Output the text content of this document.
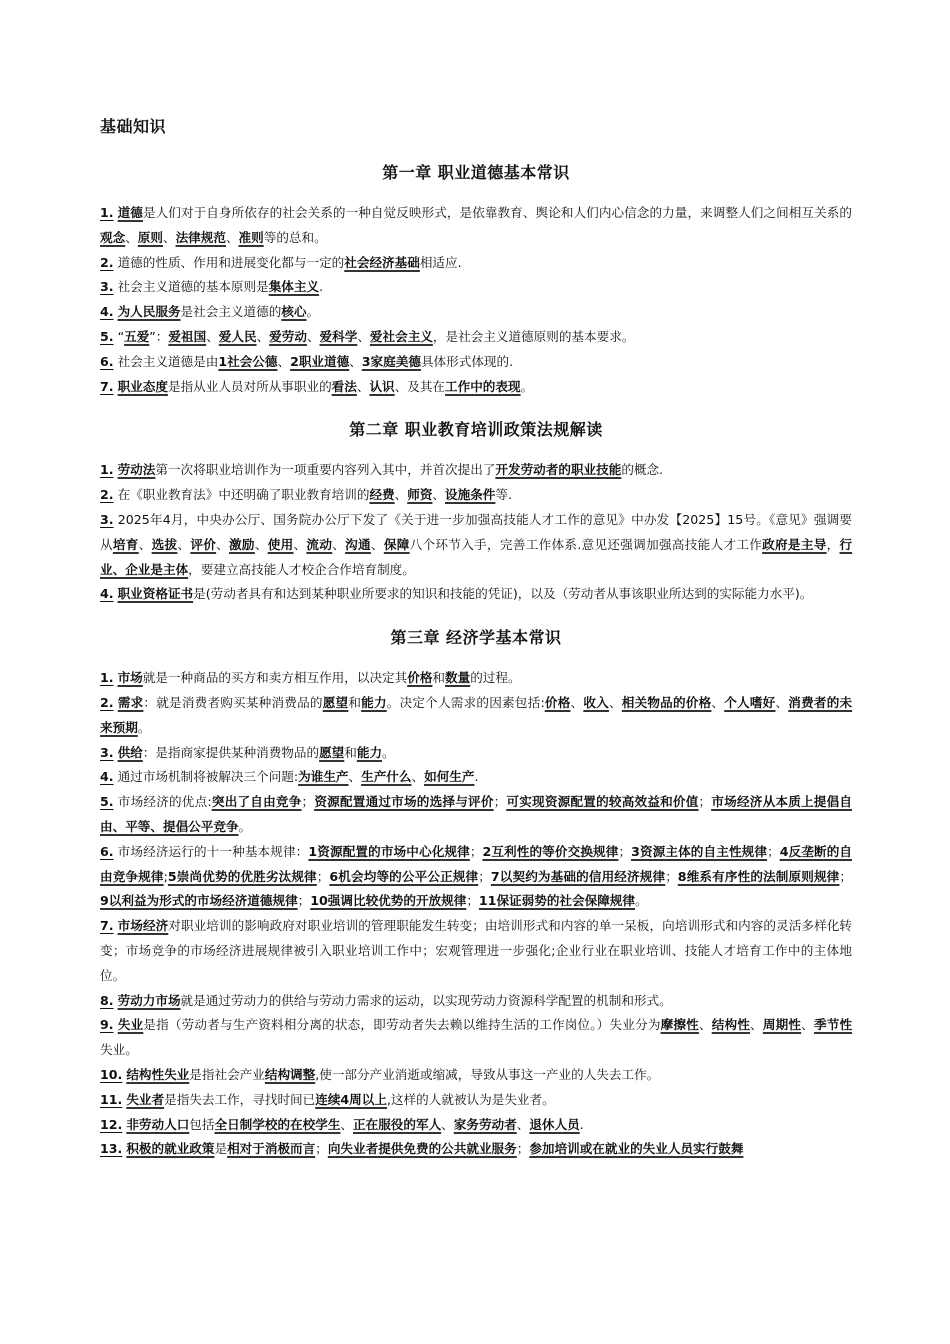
基础知识
第一章 职业道德基本常识

1. 道德是人们对于自身所依存的社会关系的一种自觉反映形式，是依靠教育、舆论和人们内心信念的力量，来调整人们之间相互关系的观念、原则、法律规范、准则等的总和。

2. 道德的性质、作用和进展变化都与一定的社会经济基础相适应.

3. 社会主义道德的基本原则是集体主义.

4. 为人民服务是社会主义道德的核心。

5. “五爱”：爱祖国、爱人民、爱劳动、爱科学、爱社会主义，是社会主义道德原则的基本要求。

6. 社会主义道德是由1社会公德、2职业道德、3家庭美德具体形式体现的.

7. 职业态度是指从业人员对所从事职业的看法、认识、及其在工作中的表现。

第二章 职业教育培训政策法规解读

1. 劳动法第一次将职业培训作为一项重要内容列入其中，并首次提出了开发劳动者的职业技能的概念.

2. 在《职业教育法》中还明确了职业教育培训的经费、师资、设施条件等.

3. 2025年4月，中央办公厅、国务院办公厅下发了《关于进一步加强高技能人才工作的意见》中办发【2025】15号。《意见》强调要从培育、选拔、评价、激励、使用、流动、沟通、保障八个环节入手，完善工作体系.意见还强调加强高技能人才工作政府是主导，行业、企业是主体，要建立高技能人才校企合作培育制度。

4. 职业资格证书是(劳动者具有和达到某种职业所要求的知识和技能的凭证)，以及（劳动者从事该职业所达到的实际能力水平)。

第三章 经济学基本常识

1. 市场就是一种商品的买方和卖方相互作用，以决定其价格和数量的过程。

2. 需求：就是消费者购买某种消费品的愿望和能力。决定个人需求的因素包括:价格、收入、相关物品的价格、个人嗜好、消费者的未来预期。

3. 供给：是指商家提供某种消费物品的愿望和能力。

4. 通过市场机制将被解决三个问题:为谁生产、生产什么、如何生产.

5. 市场经济的优点:突出了自由竞争；资源配置通过市场的选择与评价；可实现资源配置的较高效益和价值；市场经济从本质上提倡自由、平等、提倡公平竞争。

6. 市场经济运行的十一种基本规律：1资源配置的市场中心化规律；2互利性的等价交换规律；3资源主体的自主性规律；4反垄断的自由竞争规律;5崇尚优势的优胜劣汰规律；6机会均等的公平公正规律；7以契约为基础的信用经济规律；8维系有序性的法制原则规律；9以利益为形式的市场经济道德规律；10强调比较优势的开放规律；11保证弱势的社会保障规律。

7. 市场经济对职业培训的影响政府对职业培训的管理职能发生转变；由培训形式和内容的单一呆板，向培训形式和内容的灵活多样化转变；市场竞争的市场经济进展规律被引入职业培训工作中；宏观管理进一步强化;企业行业在职业培训、技能人才培育工作中的主体地位。

8. 劳动力市场就是通过劳动力的供给与劳动力需求的运动，以实现劳动力资源科学配置的机制和形式。

9. 失业是指（劳动者与生产资料相分离的状态，即劳动者失去赖以维持生活的工作岗位。）失业分为摩擦性、结构性、周期性、季节性失业。

10. 结构性失业是指社会产业结构调整,使一部分产业消逝或缩减，导致从事这一产业的人失去工作。

11. 失业者是指失去工作，寻找时间已连续4周以上,这样的人就被认为是失业者。

12. 非劳动人口包括全日制学校的在校学生、正在服役的军人、家务劳动者、退休人员.

13. 积极的就业政策是相对于消极而言；向失业者提供免费的公共就业服务；参加培训或在就业的失业人员实行鼓舞
